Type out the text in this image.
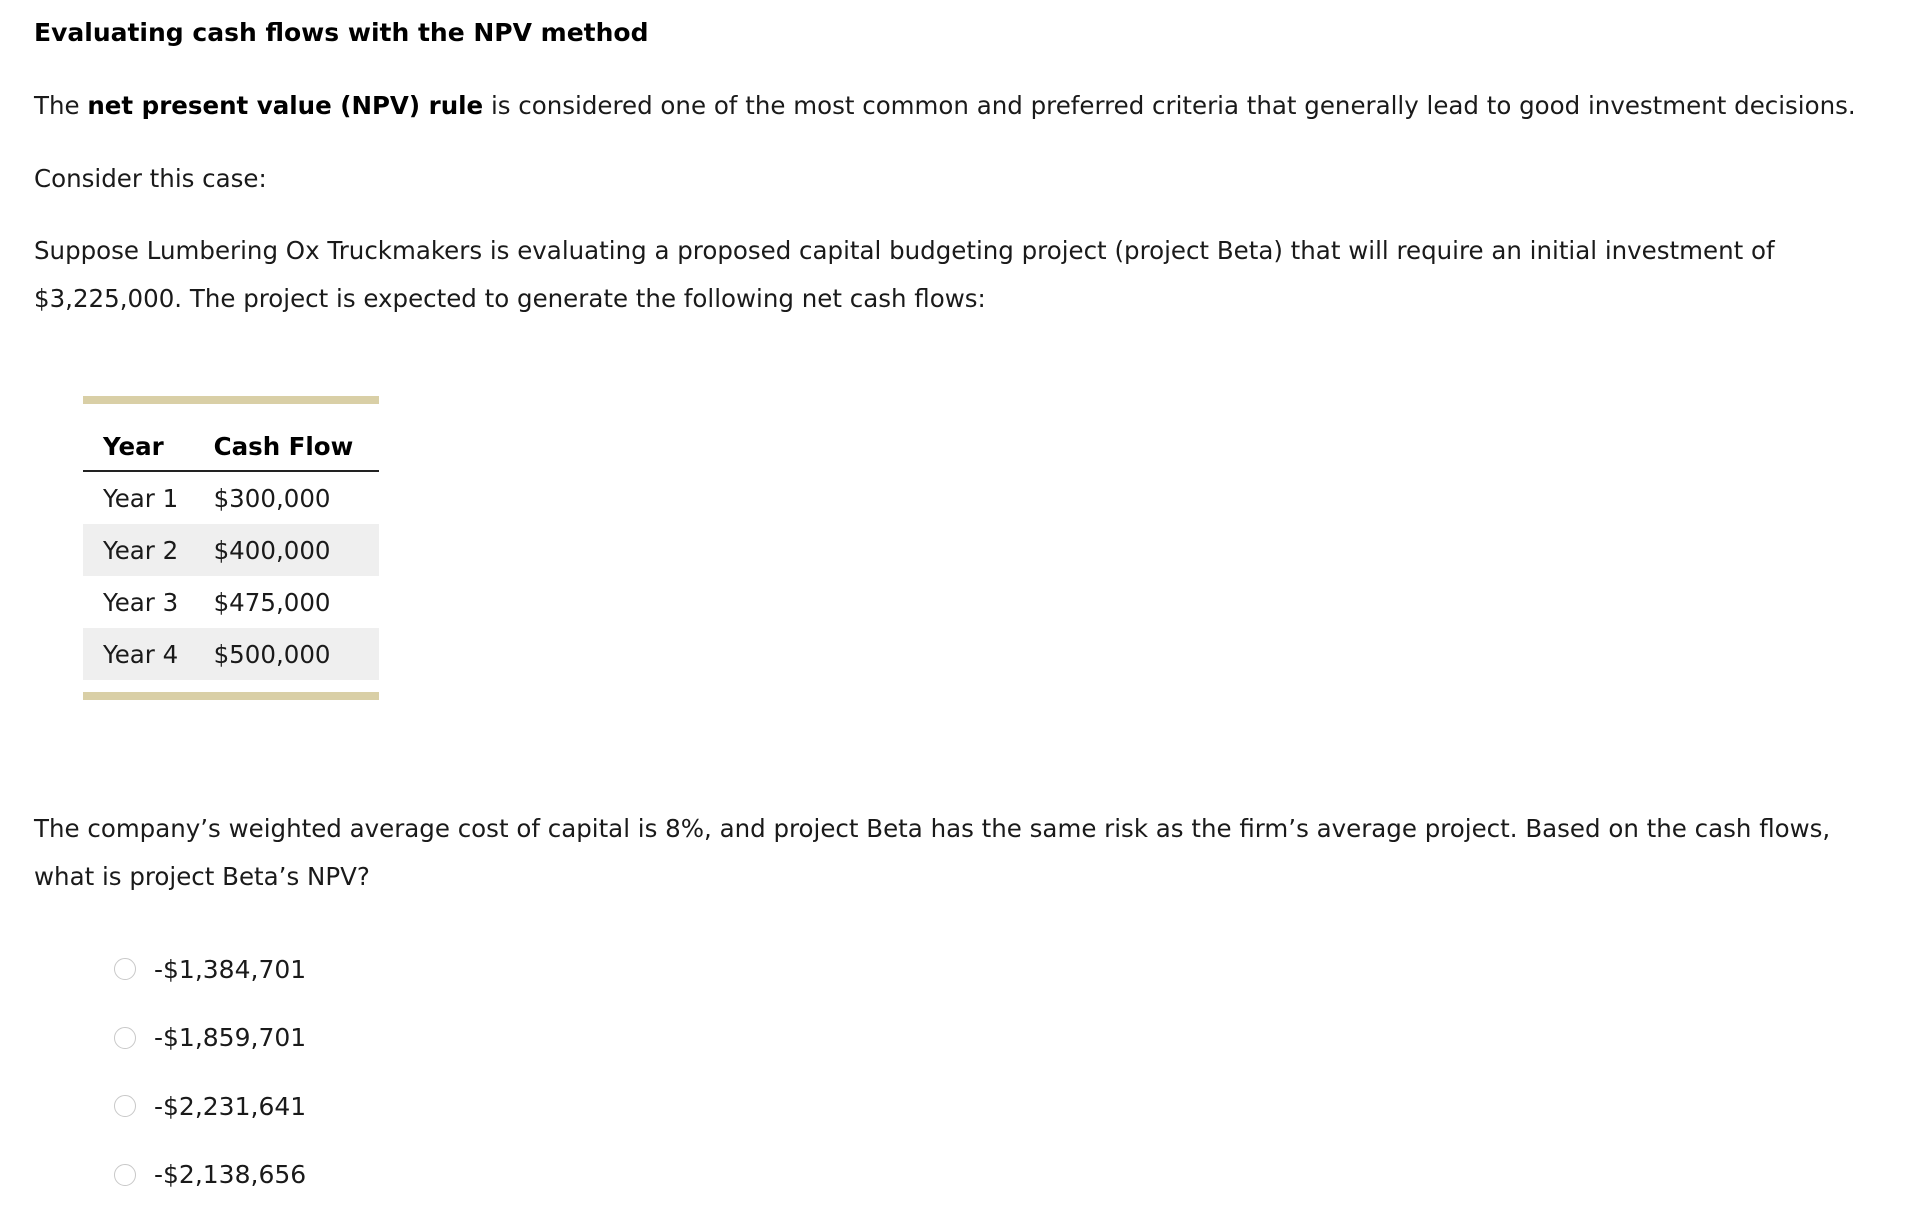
Evaluating cash flows with the NPV method

The net present value (NPV) rule is considered one of the most common and preferred criteria that generally lead to good investment decisions.

Consider this case:

Suppose Lumbering Ox Truckmakers is evaluating a proposed capital budgeting project (project Beta) that will require an initial investment of $3,225,000. The project is expected to generate the following net cash flows:

Year	Cash Flow
Year 1	$300,000
Year 2	$400,000
Year 3	$475,000
Year 4	$500,000

The company’s weighted average cost of capital is 8%, and project Beta has the same risk as the firm’s average project. Based on the cash flows, what is project Beta’s NPV?

-$1,384,701
-$1,859,701
-$2,231,641
-$2,138,656
